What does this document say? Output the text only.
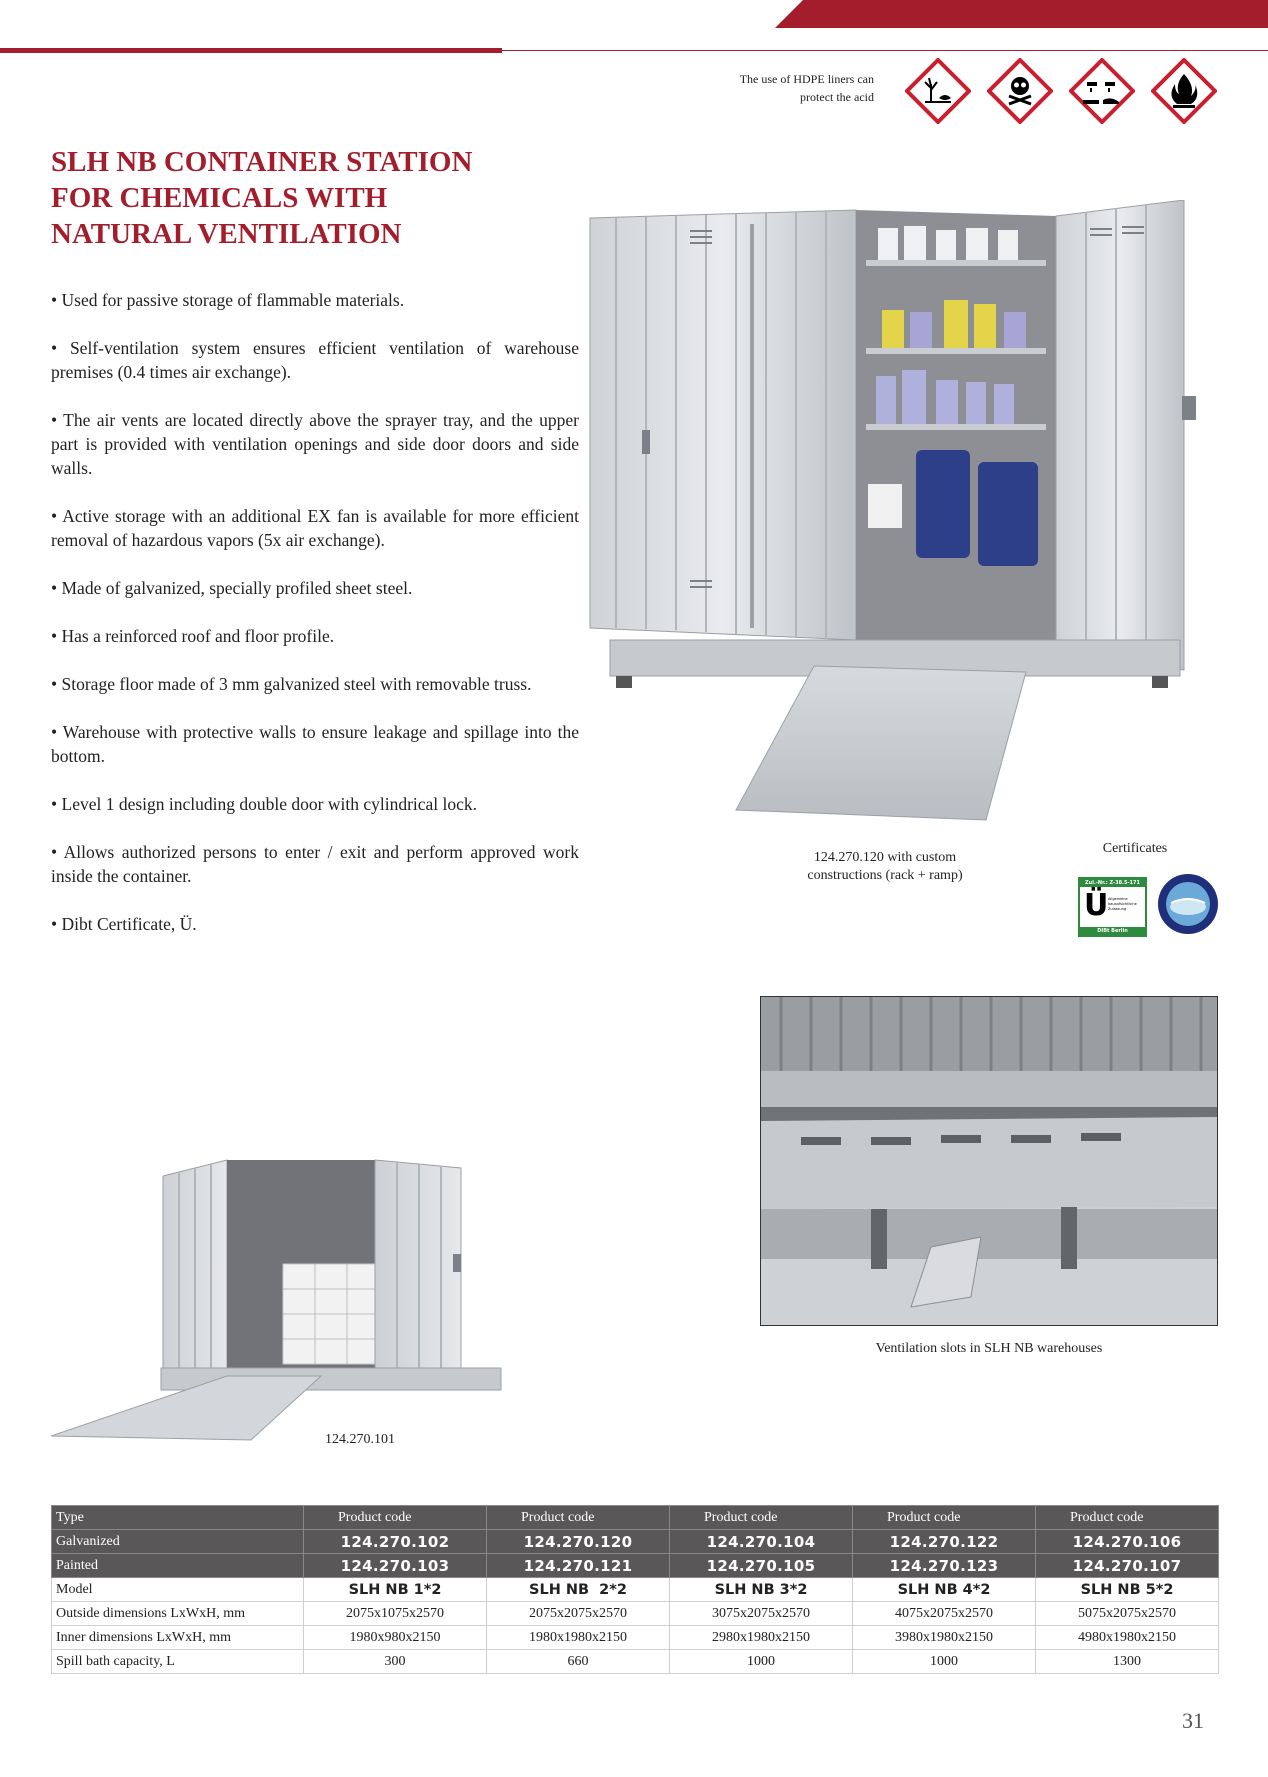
The use of HDPE liners can
protect the acid
SLH NB CONTAINER STATION
FOR CHEMICALS WITH
NATURAL VENTILATION
• Used for passive storage of flammable materials.
• Self-ventilation system ensures efficient ventilation of warehouse premises (0.4 times air exchange).
• The air vents are located directly above the sprayer tray, and the upper part is provided with ventilation openings and side door doors and side walls.
• Active storage with an additional EX fan is available for more efficient removal of hazardous vapors (5x air exchange).
• Made of galvanized, specially profiled sheet steel.
• Has a reinforced roof and floor profile.
• Storage floor made of 3 mm galvanized steel with removable truss.
• Warehouse with protective walls to ensure leakage and spillage into the bottom.
• Level 1 design including double door with cylindrical lock.
• Allows authorized persons to enter / exit and perform approved work inside the container.
• Dibt Certificate, Ü.
124.270.120 with custom
constructions (rack + ramp)
Certificates
Zul.-Nr.: Z-38.5-171
Ü Allgemeine
bauaufsichtliche
Zulassung
DIBt Berlin
124.270.101
Ventilation slots in SLH NB warehouses
Type	Product code	Product code	Product code	Product code	Product code
Galvanized	124.270.102	124.270.120	124.270.104	124.270.122	124.270.106
Painted	124.270.103	124.270.121	124.270.105	124.270.123	124.270.107
Model	SLH NB 1*2	SLH NB  2*2	SLH NB 3*2	SLH NB 4*2	SLH NB 5*2
Outside dimensions LxWxH, mm	2075x1075x2570	2075x2075x2570	3075x2075x2570	4075x2075x2570	5075x2075x2570
Inner dimensions LxWxH, mm	1980x980x2150	1980x1980x2150	2980x1980x2150	3980x1980x2150	4980x1980x2150
Spill bath capacity, L	300	660	1000	1000	1300
31
